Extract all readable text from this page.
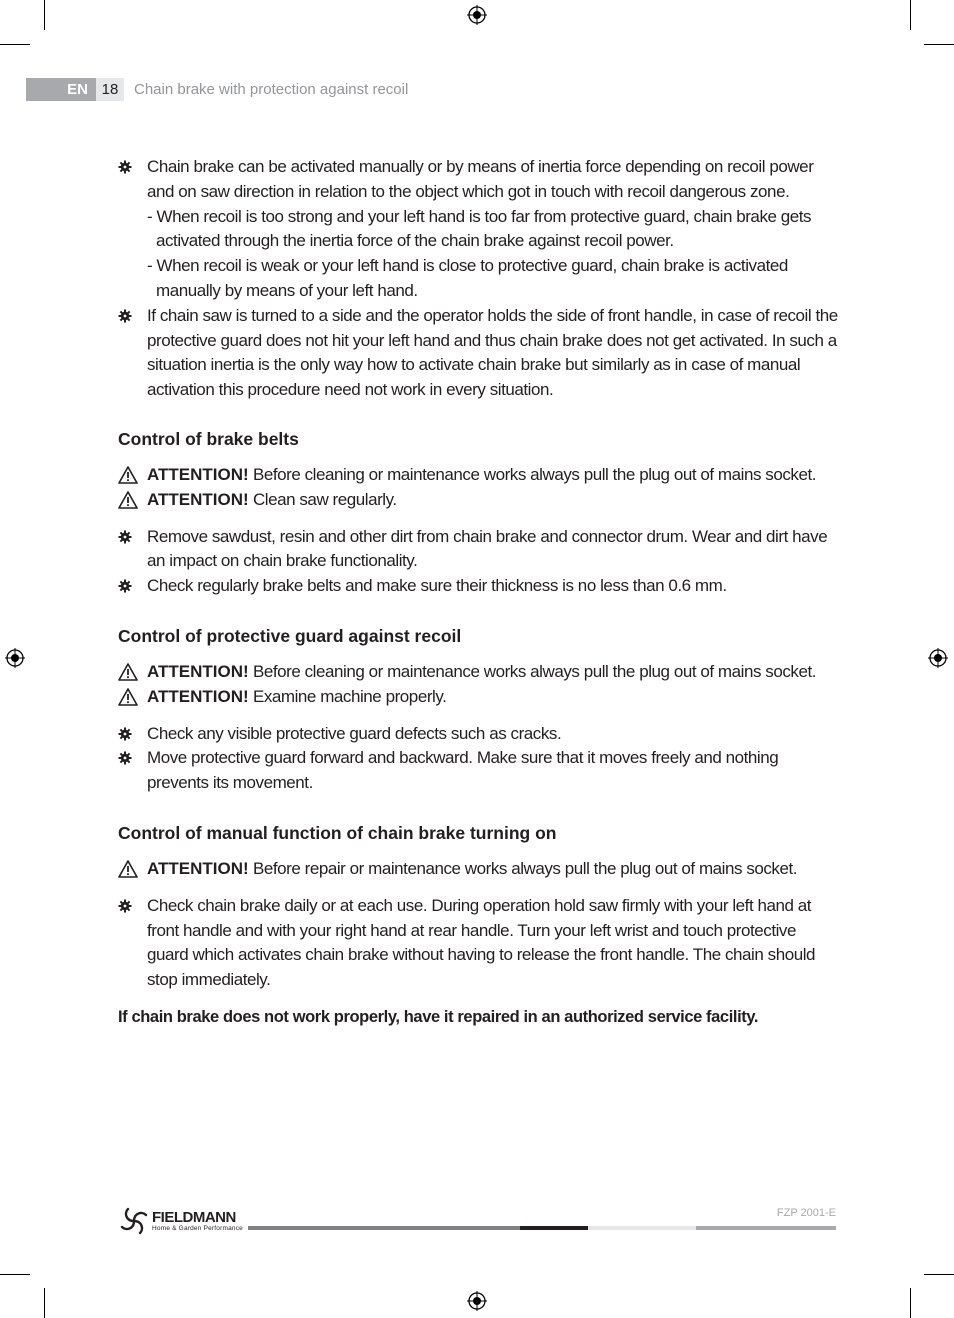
EN 18	Chain brake with protection against recoil
Chain brake can be activated manually or by means of inertia force depending on recoil power and on saw direction in relation to the object which got in touch with recoil dangerous zone.
- When recoil is too strong and your left hand is too far from protective guard, chain brake gets activated through the inertia force of the chain brake against recoil power.
- When recoil is weak or your left hand is close to protective guard, chain brake is activated manually by means of your left hand.
If chain saw is turned to a side and the operator holds the side of front handle, in case of recoil the protective guard does not hit your left hand and thus chain brake does not get activated. In such a situation inertia is the only way how to activate chain brake but similarly as in case of manual activation this procedure need not work in every situation.
Control of brake belts
ATTENTION! Before cleaning or maintenance works always pull the plug out of mains socket.
ATTENTION! Clean saw regularly.
Remove sawdust, resin and other dirt from chain brake and connector drum. Wear and dirt have an impact on chain brake functionality.
Check regularly brake belts and make sure their thickness is no less than 0.6 mm.
Control of protective guard against recoil
ATTENTION! Before cleaning or maintenance works always pull the plug out of mains socket.
ATTENTION! Examine machine properly.
Check any visible protective guard defects such as cracks.
Move protective guard forward and backward. Make sure that it moves freely and nothing prevents its movement.
Control of manual function of chain brake turning on
ATTENTION! Before repair or maintenance works always pull the plug out of mains socket.
Check chain brake daily or at each use. During operation hold saw firmly with your left hand at front handle and with your right hand at rear handle. Turn your left wrist and touch protective guard which activates chain brake without having to release the front handle. The chain should stop immediately.
If chain brake does not work properly, have it repaired in an authorized service facility.
FIELDMANN
Home & Garden Performance
FZP 2001-E
